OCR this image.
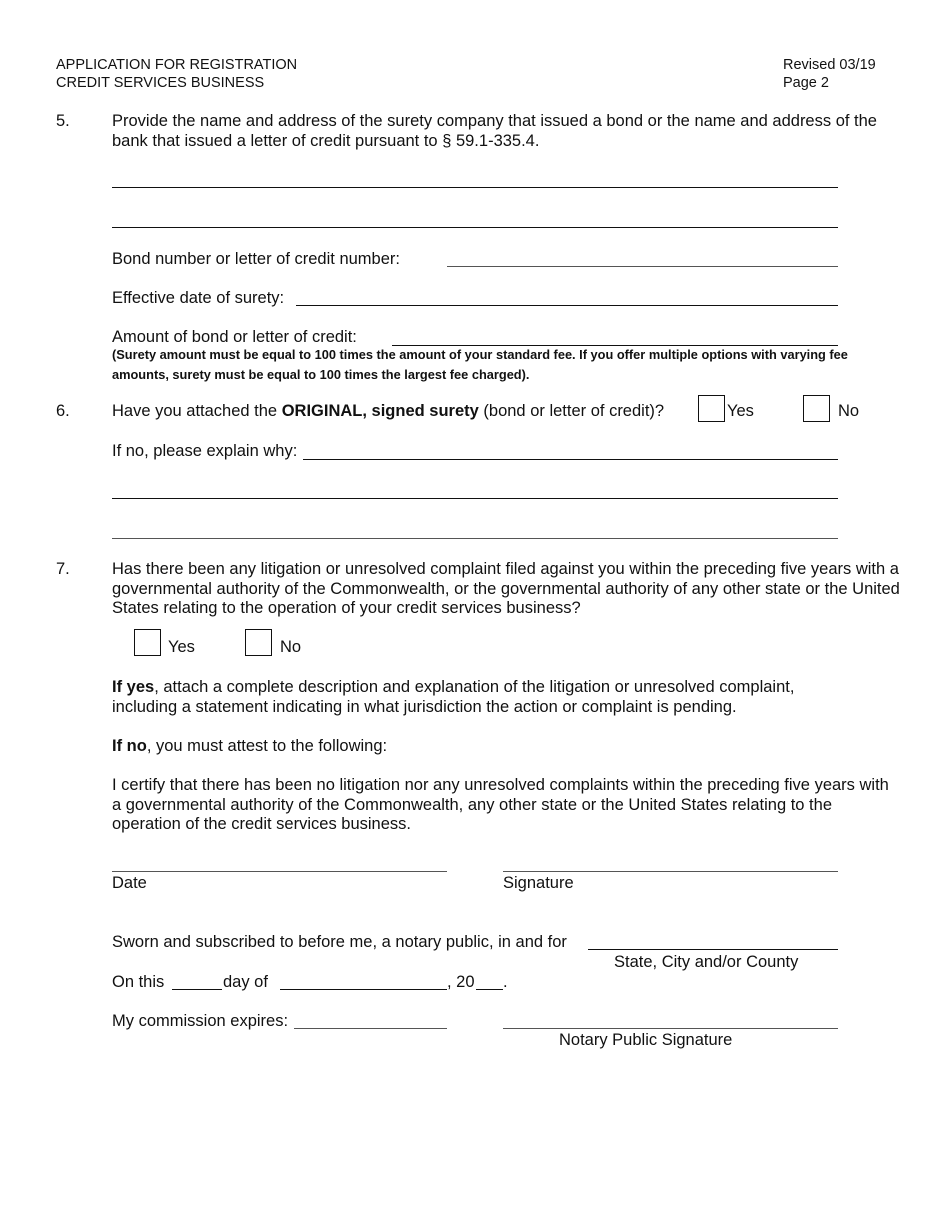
APPLICATION FOR REGISTRATION
CREDIT SERVICES BUSINESS
Revised 03/19
Page 2
5.	Provide the name and address of the surety company that issued a bond or the name and address of the bank that issued a letter of credit pursuant to § 59.1-335.4.
Bond number or letter of credit number:
Effective date of surety:
Amount of bond or letter of credit:
(Surety amount must be equal to 100 times the amount of your standard fee. If you offer multiple options with varying fee amounts, surety must be equal to 100 times the largest fee charged).
6.	Have you attached the ORIGINAL, signed surety (bond or letter of credit)?	Yes	No
If no, please explain why:
7.	Has there been any litigation or unresolved complaint filed against you within the preceding five years with a governmental authority of the Commonwealth, or the governmental authority of any other state or the United States relating to the operation of your credit services business?
Yes	No
If yes, attach a complete description and explanation of the litigation or unresolved complaint, including a statement indicating in what jurisdiction the action or complaint is pending.
If no, you must attest to the following:
I certify that there has been no litigation nor any unresolved complaints within the preceding five years with a governmental authority of the Commonwealth, any other state or the United States relating to the operation of the credit services business.
Date	Signature
Sworn and subscribed to before me, a notary public, in and for
State, City and/or County
On this	day of	, 20 .
My commission expires:
Notary Public Signature
